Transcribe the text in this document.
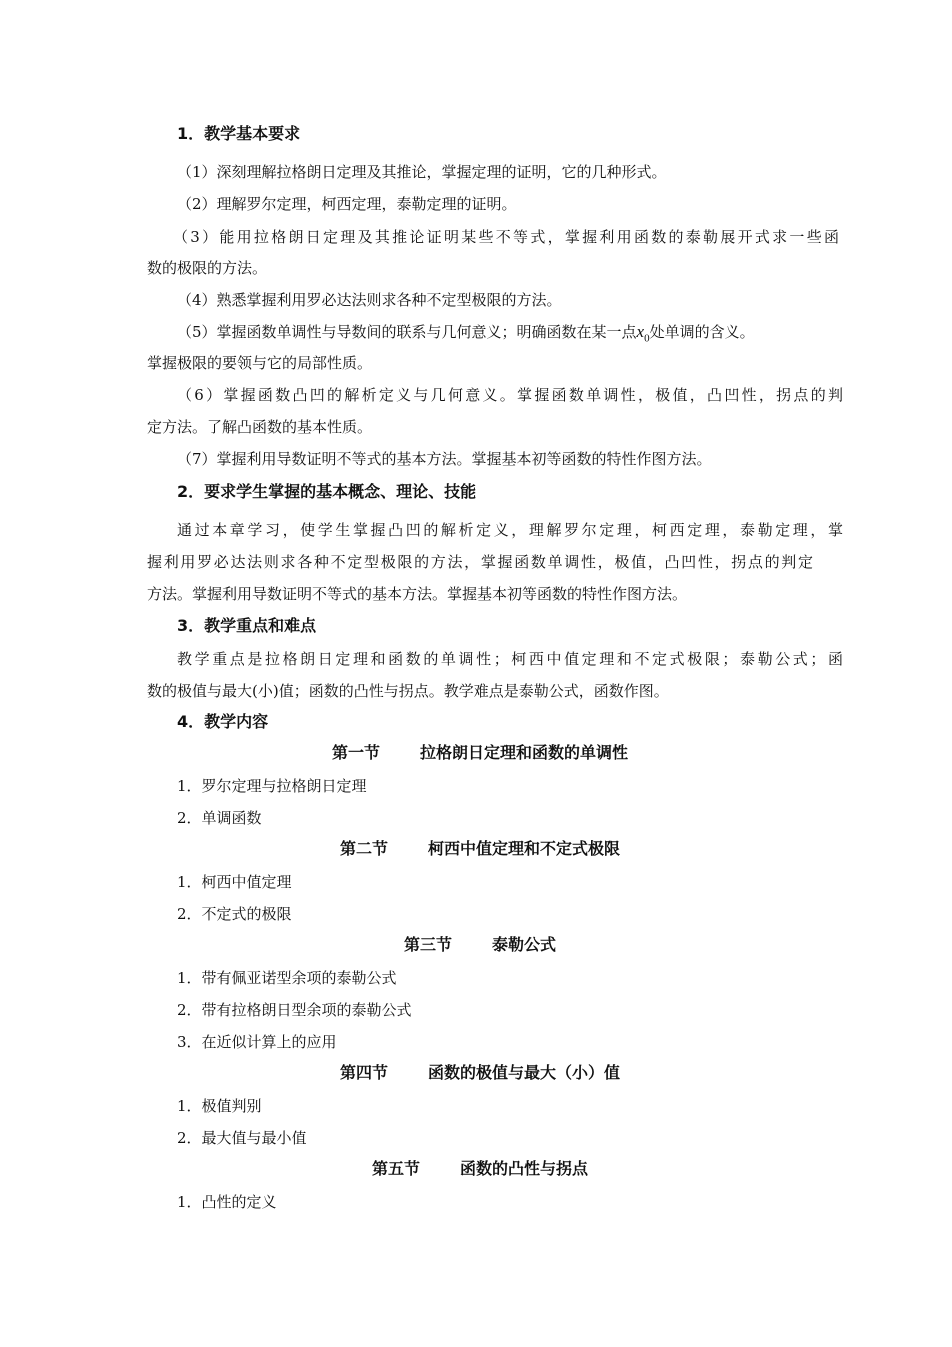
1．教学基本要求
（1）深刻理解拉格朗日定理及其推论，掌握定理的证明，它的几种形式。
（2）理解罗尔定理，柯西定理，泰勒定理的证明。
（3）能用拉格朗日定理及其推论证明某些不等式，掌握利用函数的泰勒展开式求一些函
数的极限的方法。
（4）熟悉掌握利用罗必达法则求各种不定型极限的方法。
（5）掌握函数单调性与导数间的联系与几何意义；明确函数在某一点$x_0$处单调的含义。
掌握极限的要领与它的局部性质。
（6）掌握函数凸凹的解析定义与几何意义。掌握函数单调性，极值，凸凹性，拐点的判
定方法。了解凸函数的基本性质。
（7）掌握利用导数证明不等式的基本方法。掌握基本初等函数的特性作图方法。
2．要求学生掌握的基本概念、理论、技能
通过本章学习，使学生掌握凸凹的解析定义，理解罗尔定理，柯西定理，泰勒定理，掌
握利用罗必达法则求各种不定型极限的方法，掌握函数单调性，极值，凸凹性，拐点的判定
方法。掌握利用导数证明不等式的基本方法。掌握基本初等函数的特性作图方法。
3．教学重点和难点
教学重点是拉格朗日定理和函数的单调性；柯西中值定理和不定式极限；泰勒公式；函
数的极值与最大(小)值；函数的凸性与拐点。教学难点是泰勒公式，函数作图。
4．教学内容
第一节	拉格朗日定理和函数的单调性
1．罗尔定理与拉格朗日定理
2．单调函数
第二节	柯西中值定理和不定式极限
1．柯西中值定理
2．不定式的极限
第三节	泰勒公式
1．带有佩亚诺型余项的泰勒公式
2．带有拉格朗日型余项的泰勒公式
3．在近似计算上的应用
第四节	函数的极值与最大（小）值
1．极值判别
2．最大值与最小值
第五节	函数的凸性与拐点
1．凸性的定义
